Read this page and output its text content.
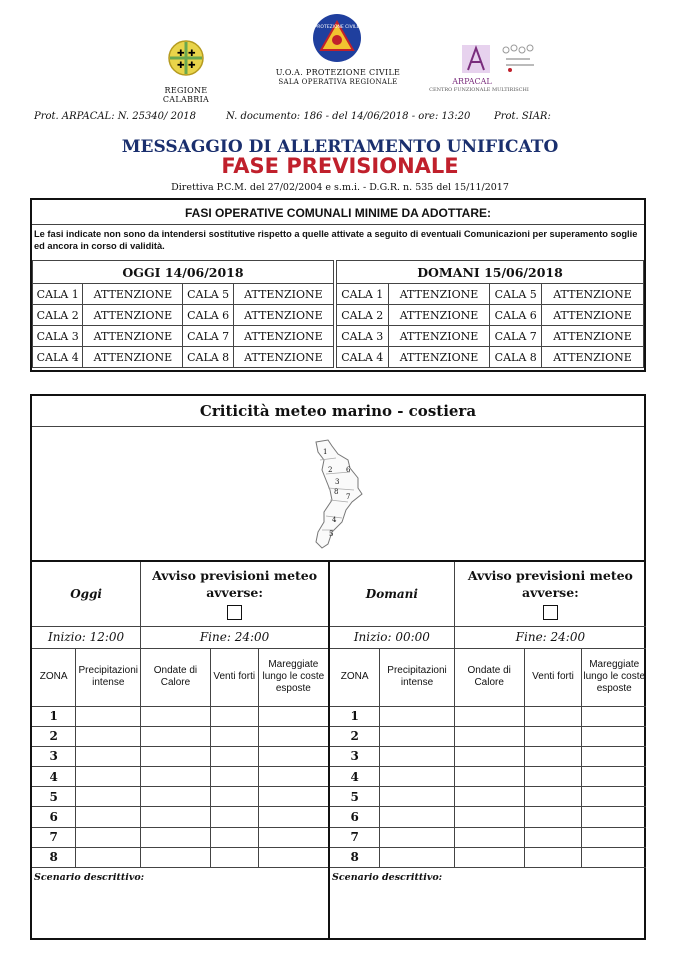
✚ ✚
✚ ✚
REGIONE CALABRIA
PROTEZIONE CIVILE
U.O.A. PROTEZIONE CIVILE
SALA OPERATIVA REGIONALE	ARPACAL
CENTRO FUNZIONALE MULTIRISCHI
Prot. ARPACAL: N. 25340/ 2018	N. documento: 186 - del 14/06/2018 - ore: 13:20 Prot. SIAR:
MESSAGGIO DI ALLERTAMENTO UNIFICATO
FASE PREVISIONALE
Direttiva P.C.M. del 27/02/2004 e s.m.i. - D.G.R. n. 535 del 15/11/2017
FASI OPERATIVE COMUNALI MINIME DA ADOTTARE:
Le fasi indicate non sono da intendersi sostitutive rispetto a quelle attivate a seguito di eventuali Comunicazioni per superamento soglie ed ancora in corso di validità.
OGGI 14/06/2018			
CALA 1	ATTENZIONE	CALA 5	ATTENZIONE
CALA 2	ATTENZIONE	CALA 6	ATTENZIONE
CALA 3	ATTENZIONE	CALA 7	ATTENZIONE
CALA 4	ATTENZIONE	CALA 8	ATTENZIONE
DOMANI 15/06/2018			
CALA 1	ATTENZIONE	CALA 5	ATTENZIONE
CALA 2	ATTENZIONE	CALA 6	ATTENZIONE
CALA 3	ATTENZIONE	CALA 7	ATTENZIONE
CALA 4	ATTENZIONE	CALA 8	ATTENZIONE
Criticità meteo marino - costiera
1
2
3
4
5
6
7
8
Oggi		Avviso previsioni meteo avverse:		

Inizio: 12:00		Fine: 24:00		
ZONA	Precipitazioni intense	Ondate di Calore	Venti forti	Mareggiate lungo le coste esposte
1				
2				
3				
4				
5				
6				
7				
8				
Scenario descrittivo:
Domani		Avviso previsioni meteo avverse:		

Inizio: 00:00		Fine: 24:00		
ZONA	Precipitazioni intense	Ondate di Calore	Venti forti	Mareggiate lungo le coste esposte
1				
2				
3				
4				
5				
6				
7				
8				
Scenario descrittivo:
